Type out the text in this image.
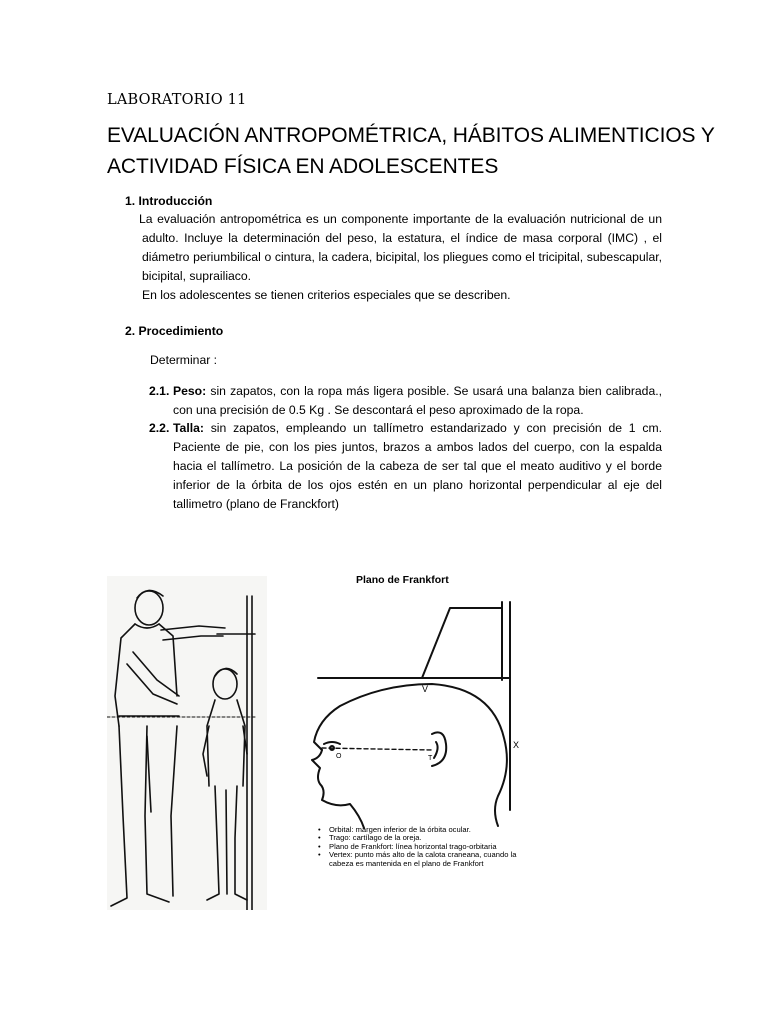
LABORATORIO 11
EVALUACIÓN ANTROPOMÉTRICA, HÁBITOS ALIMENTICIOS Y
ACTIVIDAD FÍSICA EN ADOLESCENTES
1. Introducción
La evaluación antropométrica es un componente importante de la evaluación nutricional de un adulto. Incluye la determinación del peso, la estatura, el índice de masa corporal (IMC) , el diámetro periumbilical o cintura, la cadera, bicipital, los pliegues como el tricipital, subescapular, bicipital, suprailiaco.
En los adolescentes se tienen criterios especiales que se describen.
2. Procedimiento
Determinar :
2.1. Peso: sin zapatos, con la ropa más ligera posible. Se usará una balanza bien calibrada., con una precisión de 0.5 Kg . Se descontará el peso aproximado de la ropa.
2.2. Talla: sin zapatos, empleando un tallímetro estandarizado y con precisión de 1 cm. Paciente de pie, con los pies juntos, brazos a ambos lados del cuerpo, con la espalda hacia el tallímetro. La posición de la cabeza de ser tal que el meato auditivo y el borde inferior de la órbita de los ojos estén en un plano horizontal perpendicular al eje del tallimetro (plano de Franckfort)
Plano de Frankfort
V
X
T
O
• Orbital: margen inferior de la órbita ocular.
• Trago: cartílago de la oreja.
• Plano de Frankfort: línea horizontal trago-orbitaria
• Vertex: punto más alto de la calota craneana, cuando la cabeza es mantenida en el plano de Frankfort
